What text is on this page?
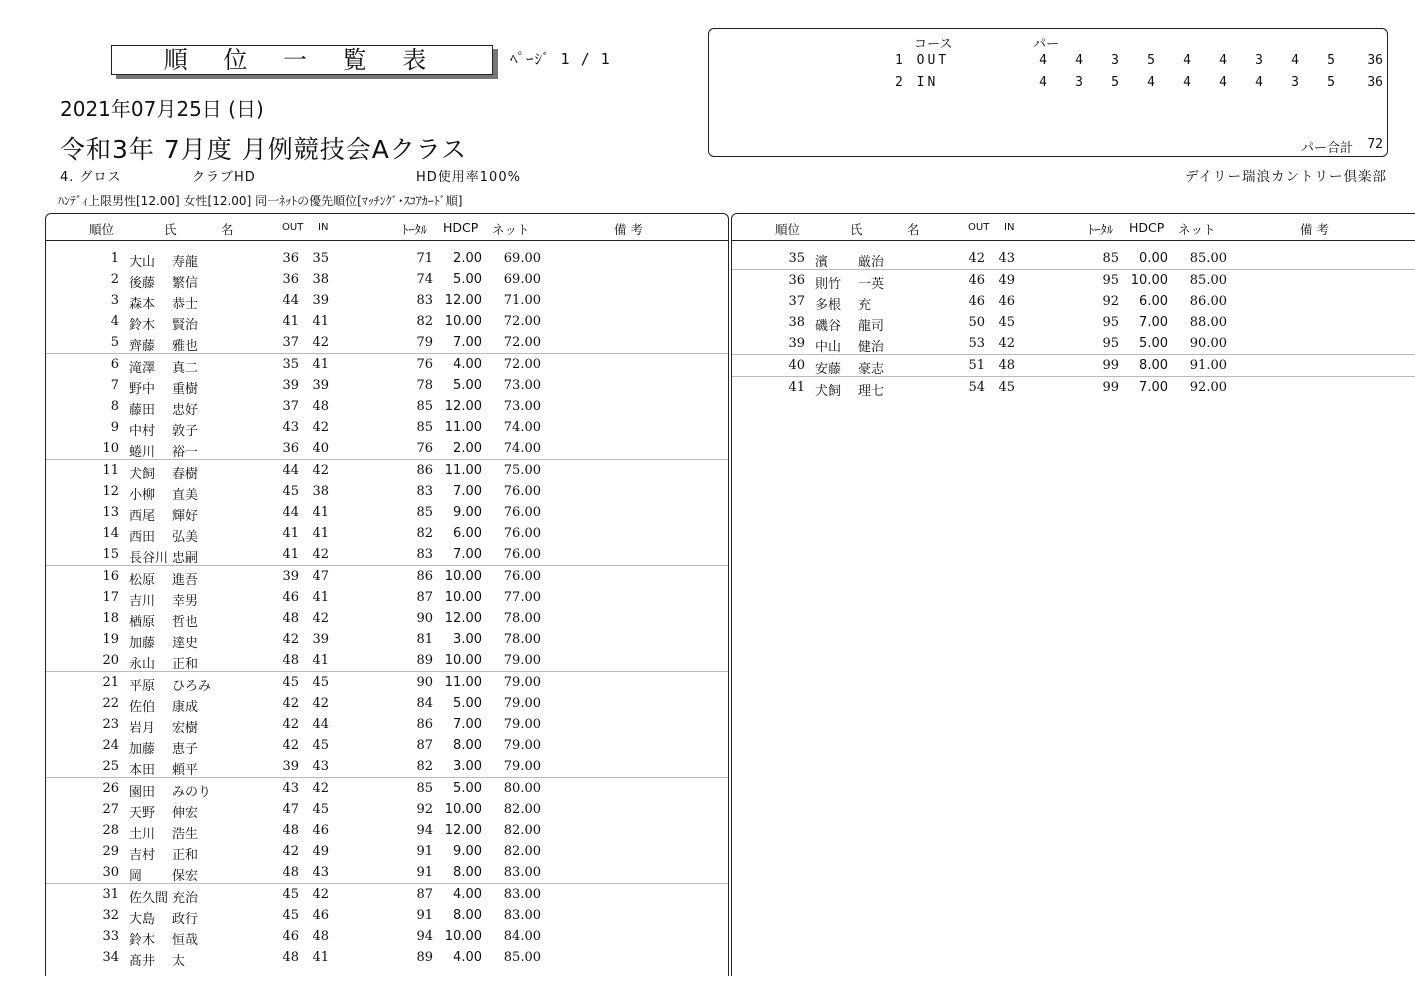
順 位 一 覧 表	ﾍﾟｰｼﾞ 1 / 1
2021年07月25日 (日)
令和3年 7月度 月例競技会Aクラス
4. グロス	クラブHD	HD使用率100%	デイリー瑞浪カントリー倶楽部
ﾊﾝﾃﾞｨ上限男性[12.00] 女性[12.00] 同一ﾈｯﾄの優先順位[ﾏｯﾁﾝｸﾞ･ｽｺｱｶｰﾄﾞ順]
コース	パー
1 OUT	4	4	3	5	4	4	3	4	5	36
2 IN	4	3	5	4	4	4	4	3	5	36
パー合計 72
順位	氏	名	OUT IN	ﾄｰﾀﾙ HDCP ネット	備 考
1 大山 寿龍	36	35	71	2.00	69.00
2 後藤 繁信	36	38	74	5.00	69.00
3 森本 恭士	44	39	83 12.00	71.00
4 鈴木 賢治	41	41	82 10.00	72.00
5 齊藤 雅也	37	42	79	7.00	72.00
6 滝澤 真二	35	41	76	4.00	72.00
7 野中 重樹	39	39	78	5.00	73.00
8 藤田 忠好	37	48	85 12.00	73.00
9 中村 敦子	43	42	85 11.00	74.00
10 蜷川 裕一	36	40	76	2.00	74.00
11 犬飼 春樹	44	42	86 11.00	75.00
12 小柳 直美	45	38	83	7.00	76.00
13 西尾 輝好	44	41	85	9.00	76.00
14 西田 弘美	41	41	82	6.00	76.00
15 長谷川 忠嗣	41	42	83	7.00	76.00
16 松原 進吾	39	47	86 10.00	76.00
17 吉川 幸男	46	41	87 10.00	77.00
18 楢原 哲也	48	42	90 12.00	78.00
19 加藤 達史	42	39	81	3.00	78.00
20 永山 正和	48	41	89 10.00	79.00
21 平原 ひろみ	45	45	90 11.00	79.00
22 佐伯 康成	42	42	84	5.00	79.00
23 岩月 宏樹	42	44	86	7.00	79.00
24 加藤 恵子	42	45	87	8.00	79.00
25 本田 頼平	39	43	82	3.00	79.00
26 園田 みのり	43	42	85	5.00	80.00
27 天野 伸宏	47	45	92 10.00	82.00
28 土川 浩生	48	46	94 12.00	82.00
29 吉村 正和	42	49	91	9.00	82.00
30 岡 保宏	48	43	91	8.00	83.00
31 佐久間 充治	45	42	87	4.00	83.00
32 大島 政行	45	46	91	8.00	83.00
33 鈴木 恒哉	46	48	94 10.00	84.00
34 髙井 太	48	41	89	4.00	85.00
順位	氏	名	OUT IN	ﾄｰﾀﾙ HDCP ネット	備 考
35 濱 厳治	42	43	85	0.00	85.00
36 則竹 一英	46	49	95 10.00	85.00
37 多根 充	46	46	92	6.00	86.00
38 磯谷 龍司	50	45	95	7.00	88.00
39 中山 健治	53	42	95	5.00	90.00
40 安藤 豪志	51	48	99	8.00	91.00
41 犬飼 理七	54	45	99	7.00	92.00
